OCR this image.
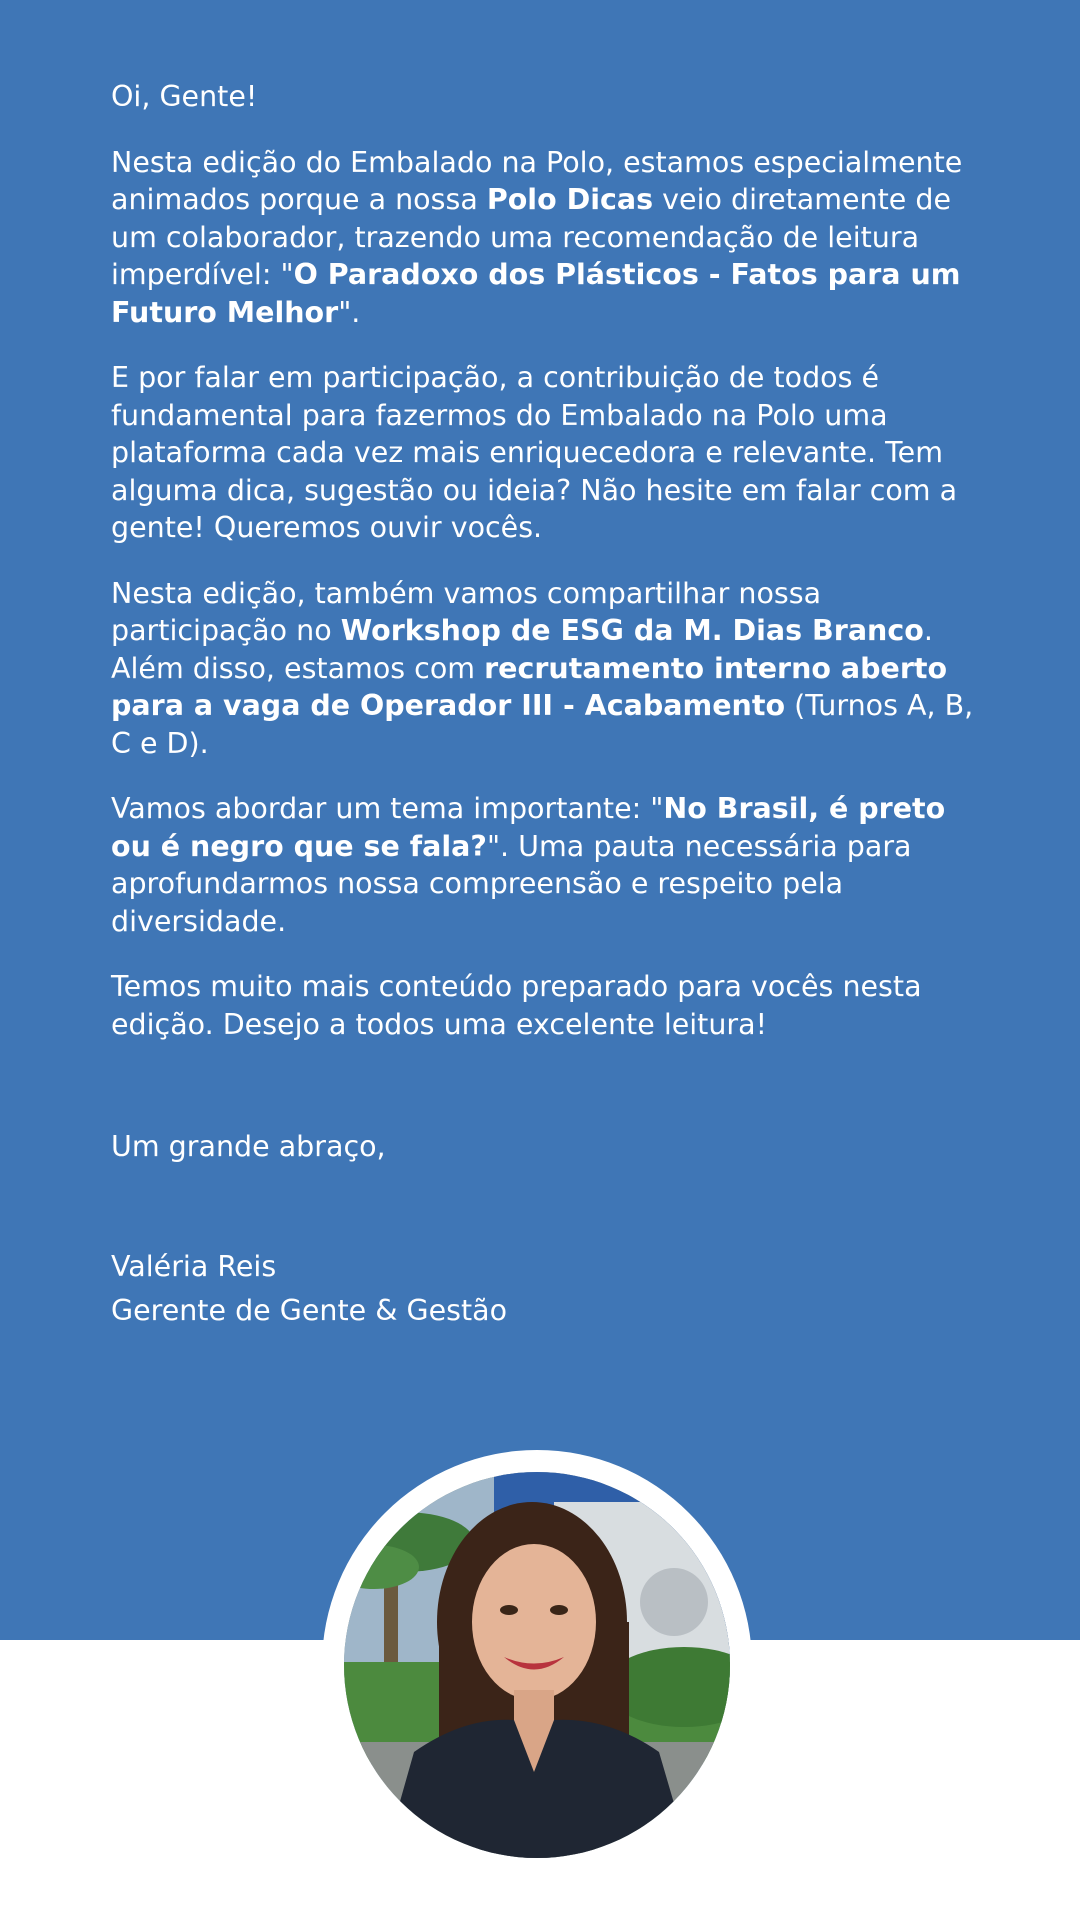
Oi, Gente!

Nesta edição do Embalado na Polo, estamos especialmente animados porque a nossa Polo Dicas veio diretamente de um colaborador, trazendo uma recomendação de leitura imperdível: "O Paradoxo dos Plásticos - Fatos para um Futuro Melhor".

E por falar em participação, a contribuição de todos é fundamental para fazermos do Embalado na Polo uma plataforma cada vez mais enriquecedora e relevante. Tem alguma dica, sugestão ou ideia? Não hesite em falar com a gente! Queremos ouvir vocês.

Nesta edição, também vamos compartilhar nossa participação no Workshop de ESG da M. Dias Branco. Além disso, estamos com recrutamento interno aberto para a vaga de Operador III - Acabamento (Turnos A, B, C e D).

Vamos abordar um tema importante: "No Brasil, é preto ou é negro que se fala?". Uma pauta necessária para aprofundarmos nossa compreensão e respeito pela diversidade.

Temos muito mais conteúdo preparado para vocês nesta edição. Desejo a todos uma excelente leitura!

Um grande abraço,

Valéria Reis
Gerente de Gente & Gestão
